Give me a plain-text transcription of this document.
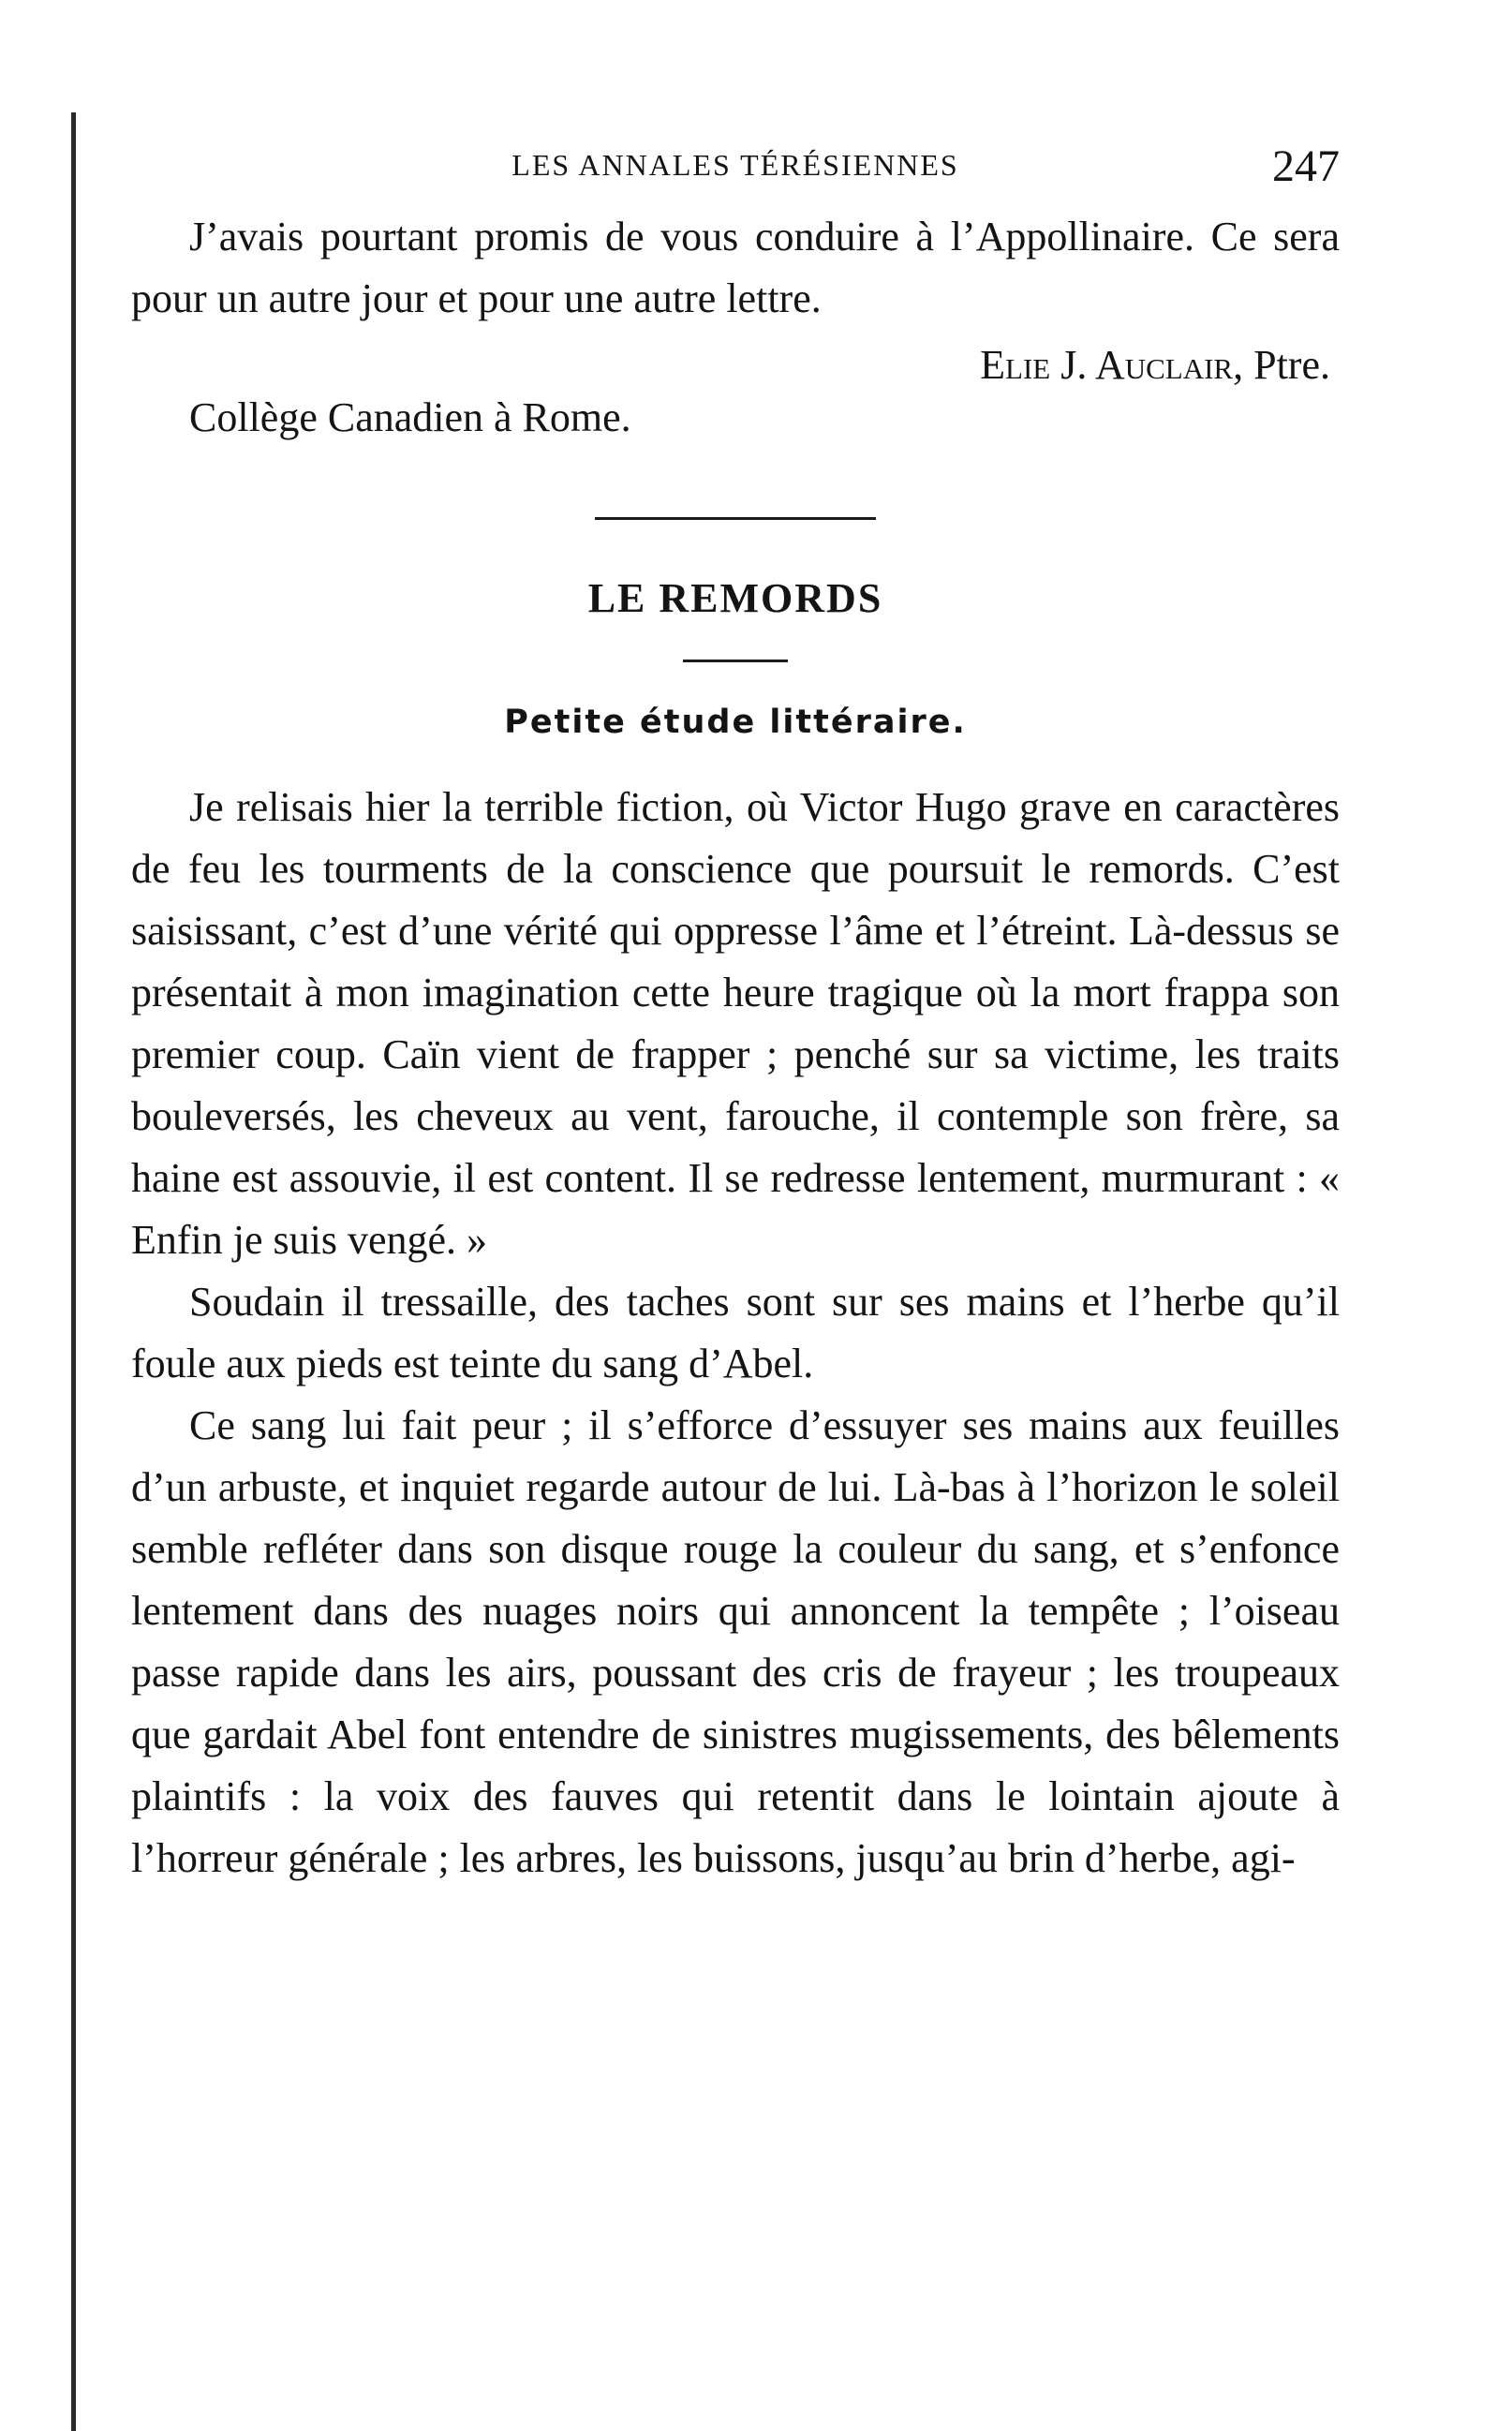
LES ANNALES TÉRÉSIENNES	247

J’avais pourtant promis de vous conduire à l’Appollinaire. Ce sera pour un autre jour et pour une autre lettre.

Elie J. Auclair, Ptre.
Collège Canadien à Rome.
LE REMORDS
Petite étude littéraire.

Je relisais hier la terrible fiction, où Victor Hugo grave en caractères de feu les tourments de la conscience que poursuit le remords. C’est saisissant, c’est d’une vérité qui oppresse l’âme et l’étreint. Là-dessus se présentait à mon imagination cette heure tragique où la mort frappa son premier coup. Caïn vient de frapper ; penché sur sa victime, les traits bouleversés, les cheveux au vent, farouche, il contemple son frère, sa haine est assouvie, il est content. Il se redresse lentement, murmurant : « Enfin je suis vengé. »

Soudain il tressaille, des taches sont sur ses mains et l’herbe qu’il foule aux pieds est teinte du sang d’Abel.

Ce sang lui fait peur ; il s’efforce d’essuyer ses mains aux feuilles d’un arbuste, et inquiet regarde autour de lui. Là-bas à l’horizon le soleil semble refléter dans son disque rouge la couleur du sang, et s’enfonce lentement dans des nuages noirs qui annoncent la tempête ; l’oiseau passe rapide dans les airs, poussant des cris de frayeur ; les troupeaux que gardait Abel font entendre de sinistres mugissements, des bêlements plaintifs : la voix des fauves qui retentit dans le lointain ajoute à l’horreur générale ; les arbres, les buissons, jusqu’au brin d’herbe, agi-
